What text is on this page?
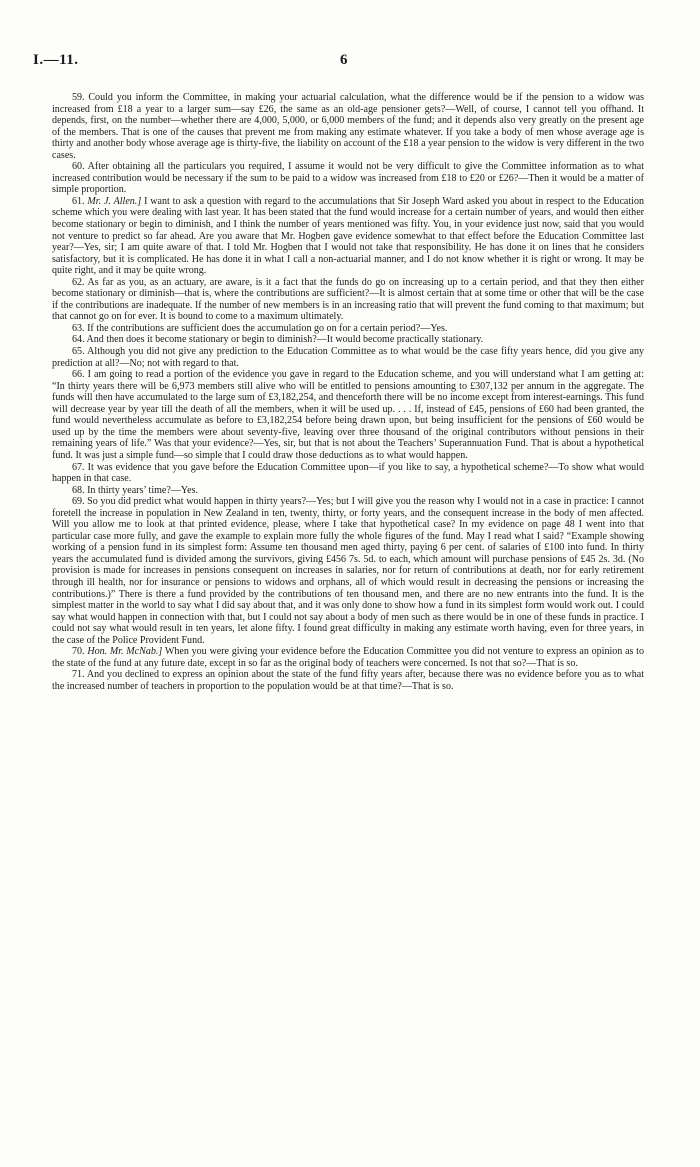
I.—11.	6

59. Could you inform the Committee, in making your actuarial calculation, what the difference would be if the pension to a widow was increased from £18 a year to a larger sum—say £26, the same as an old-age pensioner gets?—Well, of course, I cannot tell you offhand. It depends, first, on the number—whether there are 4,000, 5,000, or 6,000 members of the fund; and it depends also very greatly on the present age of the members. That is one of the causes that prevent me from making any estimate whatever. If you take a body of men whose average age is thirty and another body whose average age is thirty-five, the liability on account of the £18 a year pension to the widow is very different in the two cases.

60. After obtaining all the particulars you required, I assume it would not be very difficult to give the Committee information as to what increased contribution would be necessary if the sum to be paid to a widow was increased from £18 to £20 or £26?—Then it would be a matter of simple proportion.

61. Mr. J. Allen.] I want to ask a question with regard to the accumulations that Sir Joseph Ward asked you about in respect to the Education scheme which you were dealing with last year. It has been stated that the fund would increase for a certain number of years, and would then either become stationary or begin to diminish, and I think the number of years mentioned was fifty. You, in your evidence just now, said that you would not venture to predict so far ahead. Are you aware that Mr. Hogben gave evidence somewhat to that effect before the Education Committee last year?—Yes, sir; I am quite aware of that. I told Mr. Hogben that I would not take that responsibility. He has done it on lines that he considers satisfactory, but it is complicated. He has done it in what I call a non-actuarial manner, and I do not know whether it is right or wrong. It may be quite right, and it may be quite wrong.

62. As far as you, as an actuary, are aware, is it a fact that the funds do go on increasing up to a certain period, and that they then either become stationary or diminish—that is, where the contributions are sufficient?—It is almost certain that at some time or other that will be the case if the contributions are inadequate. If the number of new members is in an increasing ratio that will prevent the fund coming to that maximum; but that cannot go on for ever. It is bound to come to a maximum ultimately.

63. If the contributions are sufficient does the accumulation go on for a certain period?—Yes.

64. And then does it become stationary or begin to diminish?—It would become practically stationary.

65. Although you did not give any prediction to the Education Committee as to what would be the case fifty years hence, did you give any prediction at all?—No; not with regard to that.

66. I am going to read a portion of the evidence you gave in regard to the Education scheme, and you will understand what I am getting at: “In thirty years there will be 6,973 members still alive who will be entitled to pensions amounting to £307,132 per annum in the aggregate. The funds will then have accumulated to the large sum of £3,182,254, and thenceforth there will be no income except from interest-earnings. This fund will decrease year by year till the death of all the members, when it will be used up. . . . If, instead of £45, pensions of £60 had been granted, the fund would nevertheless accumulate as before to £3,182,254 before being drawn upon, but being insufficient for the pensions of £60 would be used up by the time the members were about seventy-five, leaving over three thousand of the original contributors without pensions in their remaining years of life.” Was that your evidence?—Yes, sir, but that is not about the Teachers’ Superannuation Fund. That is about a hypothetical fund. It was just a simple fund—so simple that I could draw those deductions as to what would happen.

67. It was evidence that you gave before the Education Committee upon—if you like to say, a hypothetical scheme?—To show what would happen in that case.

68. In thirty years’ time?—Yes.

69. So you did predict what would happen in thirty years?—Yes; but I will give you the reason why I would not in a case in practice: I cannot foretell the increase in population in New Zealand in ten, twenty, thirty, or forty years, and the consequent increase in the body of men affected. Will you allow me to look at that printed evidence, please, where I take that hypothetical case? In my evidence on page 48 I went into that particular case more fully, and gave the example to explain more fully the whole figures of the fund. May I read what I said? “Example showing working of a pension fund in its simplest form: Assume ten thousand men aged thirty, paying 6 per cent. of salaries of £100 into fund. In thirty years the accumulated fund is divided among the survivors, giving £456 7s. 5d. to each, which amount will purchase pensions of £45 2s. 3d. (No provision is made for increases in pensions consequent on increases in salaries, nor for return of contributions at death, nor for early retirement through ill health, nor for insurance or pensions to widows and orphans, all of which would result in decreasing the pensions or increasing the contributions.)” There is there a fund provided by the contributions of ten thousand men, and there are no new entrants into the fund. It is the simplest matter in the world to say what I did say about that, and it was only done to show how a fund in its simplest form would work out. I could say what would happen in connection with that, but I could not say about a body of men such as there would be in one of these funds in practice. I could not say what would result in ten years, let alone fifty. I found great difficulty in making any estimate worth having, even for three years, in the case of the Police Provident Fund.

70. Hon. Mr. McNab.] When you were giving your evidence before the Education Committee you did not venture to express an opinion as to the state of the fund at any future date, except in so far as the original body of teachers were concerned. Is not that so?—That is so.

71. And you declined to express an opinion about the state of the fund fifty years after, because there was no evidence before you as to what the increased number of teachers in proportion to the population would be at that time?—That is so.
